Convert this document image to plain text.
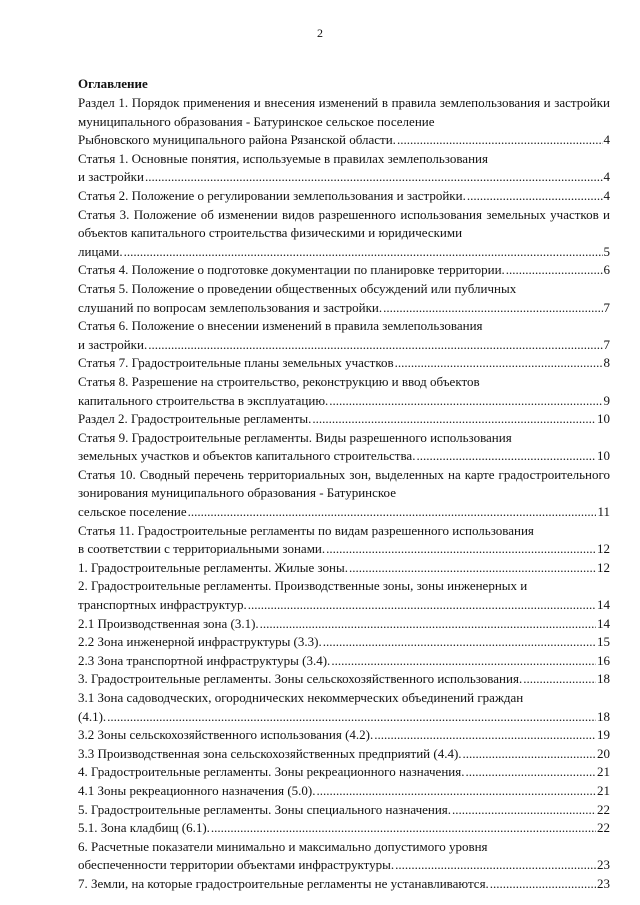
2
Оглавление

Раздел 1. Порядок применения и внесения изменений в правила землепользования и застройки муниципального образования - Батуринское сельское поселение

Рыбновского муниципального района Рязанской области. .....	4

Статья 1. Основные понятия, используемые в правилах землепользования

и застройки .....	4
Статья 2. Положение о регулировании землепользования и застройки. .....	4

Статья 3. Положение об изменении видов разрешенного использования земельных участков и объектов капитального строительства физическими и юридическими

лицами. .....	5
Статья 4. Положение о подготовке документации по планировке территории. .....	6

Статья 5. Положение о проведении общественных обсуждений или публичных

слушаний по вопросам землепользования и застройки. .....	7

Статья 6. Положение о внесении изменений в правила землепользования

и застройки. .....	7
Статья 7. Градостроительные планы земельных участков .....	8

Статья 8. Разрешение на строительство, реконструкцию и ввод объектов

капитального строительства в эксплуатацию. .....	9
Раздел 2. Градостроительные регламенты. .....	10

Статья 9. Градостроительные регламенты. Виды разрешенного использования

земельных участков и объектов капитального строительства. .....	10

Статья 10. Сводный перечень территориальных зон, выделенных на карте градостроительного зонирования муниципального образования - Батуринское

сельское поселение .....	11

Статья 11. Градостроительные регламенты по видам разрешенного использования

в соответствии с территориальными зонами. .....	12
1. Градостроительные регламенты. Жилые зоны. .....	12

2. Градостроительные регламенты. Производственные зоны, зоны инженерных и

транспортных инфраструктур. .....	14
2.1 Производственная зона (3.1). .....	14
2.2 Зона инженерной инфраструктуры (3.3). .....	15
2.3 Зона транспортной инфраструктуры (3.4). .....	16
3. Градостроительные регламенты. Зоны сельскохозяйственного использования. .....	18

3.1 Зона садоводческих, огороднических некоммерческих объединений граждан

(4.1). .....	18
3.2 Зоны сельскохозяйственного использования (4.2). .....	19
3.3 Производственная зона сельскохозяйственных предприятий (4.4). .....	20
4. Градостроительные регламенты. Зоны рекреационного назначения. .....	21
4.1 Зоны рекреационного назначения (5.0). .....	21
5. Градостроительные регламенты. Зоны специального назначения. .....	22
5.1. Зона кладбищ (6.1). .....	22

6. Расчетные показатели минимально и максимально допустимого уровня

обеспеченности территории объектами инфраструктуры. .....	23
7. Земли, на которые градостроительные регламенты не устанавливаются. .....	23
